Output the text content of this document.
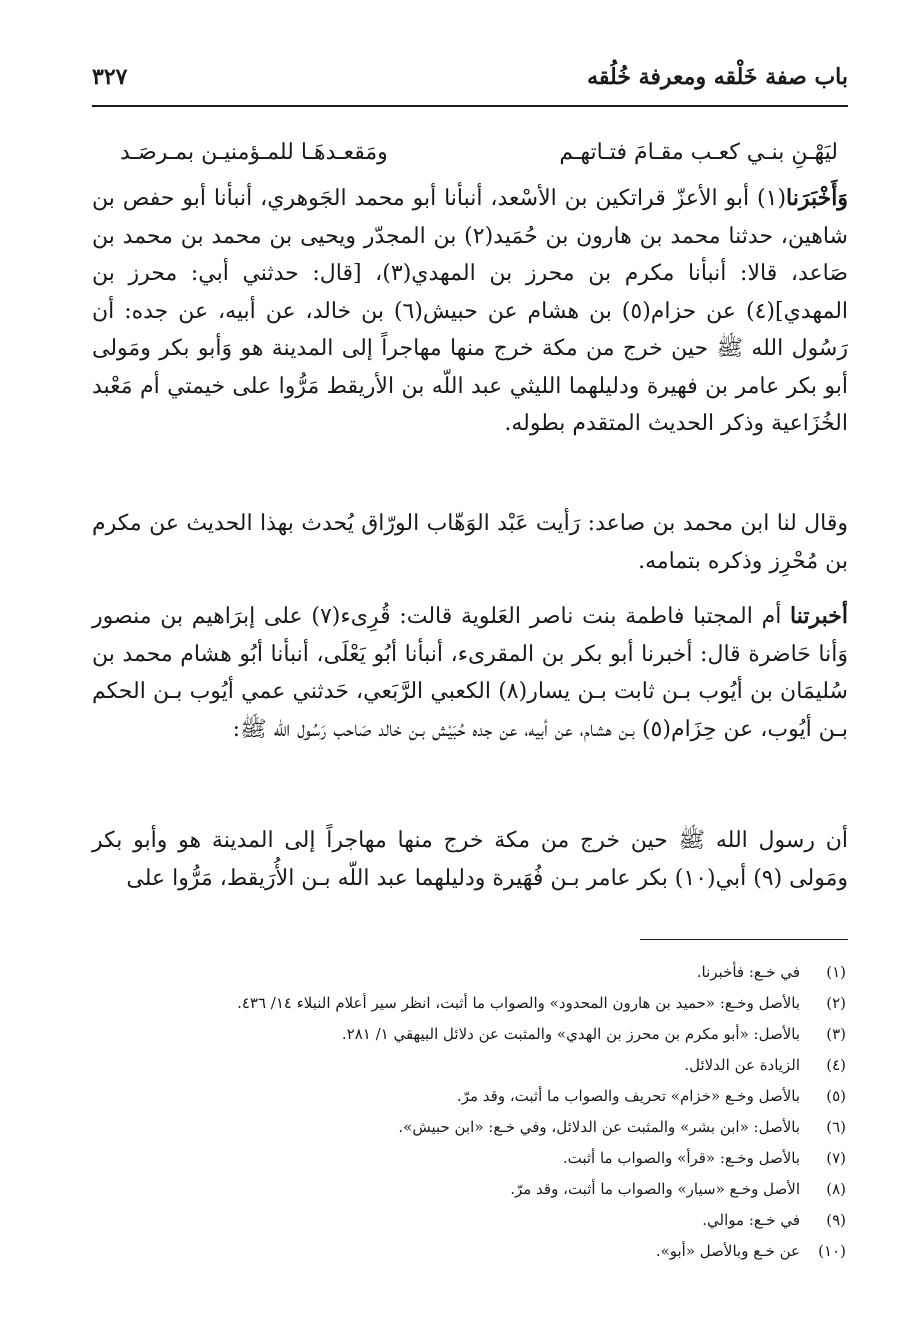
باب صفة خَلْقه ومعرفة خُلُقه
٣٢٧
ليَهْـنِ بنـي كعـب مقـامَ فتـاتهـم
ومَقعـدهَـا للمـؤمنيـن بمـرصَـد
وَأَخْبَرَنا(١) أبو الأعزّ قراتكين بن الأسْعد، أنبأنا أبو محمد الجَوهري، أنبأنا أبو حفص بن شاهين، حدثنا محمد بن هارون بن حُمَيد(٢) بن المجدّر ويحيى بن محمد بن محمد بن صَاعد، قالا: أنبأنا مكرم بن محرز بن المهدي(٣)، [قال: حدثني أبي: محرز بن المهدي](٤) عن حزام(٥) بن هشام عن حبيش(٦) بن خالد، عن أبيه، عن جده: أن رَسُول الله ﷺ حين خرج من مكة خرج منها مهاجراً إلى المدينة هو وَأبو بكر ومَولى أبو بكر عامر بن فهيرة ودليلهما الليثي عبد اللّه بن الأريقط مَرُّوا على خيمتي أم مَعْبد الخُزَاعية وذكر الحديث المتقدم بطوله.
وقال لنا ابن محمد بن صاعد: رَأيت عَبْد الوَهّاب الورّاق يُحدث بهذا الحديث عن مكرم بن مُحْرِز وذكره بتمامه.
أخبرتنا أم المجتبا فاطمة بنت ناصر العَلوية قالت: قُرِىء(٧) على إبرَاهيم بن منصور وَأنا حَاضرة قال: أخبرنا أبو بكر بن المقرىء، أنبأنا أبُو يَعْلَى، أنبأنا أبُو هشام محمد بن سُليمَان بن أيُوب بـن ثابت بـن يسار(٨) الكعبي الرَّبَعي، حَدثني عمي أيُوب بـن الحكم بـن أيُوب، عن حِزَام(٥) بـن هشام، عن أبيه، عن جده حُبَيْش بـن خالد صَاحب رَسُول الله ﷺ:
أن رسول الله ﷺ حين خرج من مكة خرج منها مهاجراً إلى المدينة هو وأبو بكر ومَولى (٩) أبي(١٠) بكر عامر بـن فُهَيرة ودليلهما عبد اللّه بـن الأُرَيقط، مَرُّوا على
(١)
في خـع: فأخبرنا.
(٢)
بالأصل وخـع: «حميد بن هارون المحدود» والصواب ما أثبت، انظر سير أعلام النبلاء ١٤/ ٤٣٦.
(٣)
بالأصل: «أبو مكرم بن محرز بن الهدي» والمثبت عن دلائل البيهقي ١/ ٢٨١.
(٤)
الزيادة عن الدلائل.
(٥)
بالأصل وخـع «خزام» تحريف والصواب ما أثبت، وقد مرّ.
(٦)
بالأصل: «ابن بشر» والمثبت عن الدلائل، وفي خـع: «ابن حبيش».
(٧)
بالأصل وخـع: «قرأ» والصواب ما أثبت.
(٨)
الأصل وخـع «سيار» والصواب ما أثبت، وقد مرّ.
(٩)
في خـع: موالي.
(١٠)
عن خـع وبالأصل «أبو».
